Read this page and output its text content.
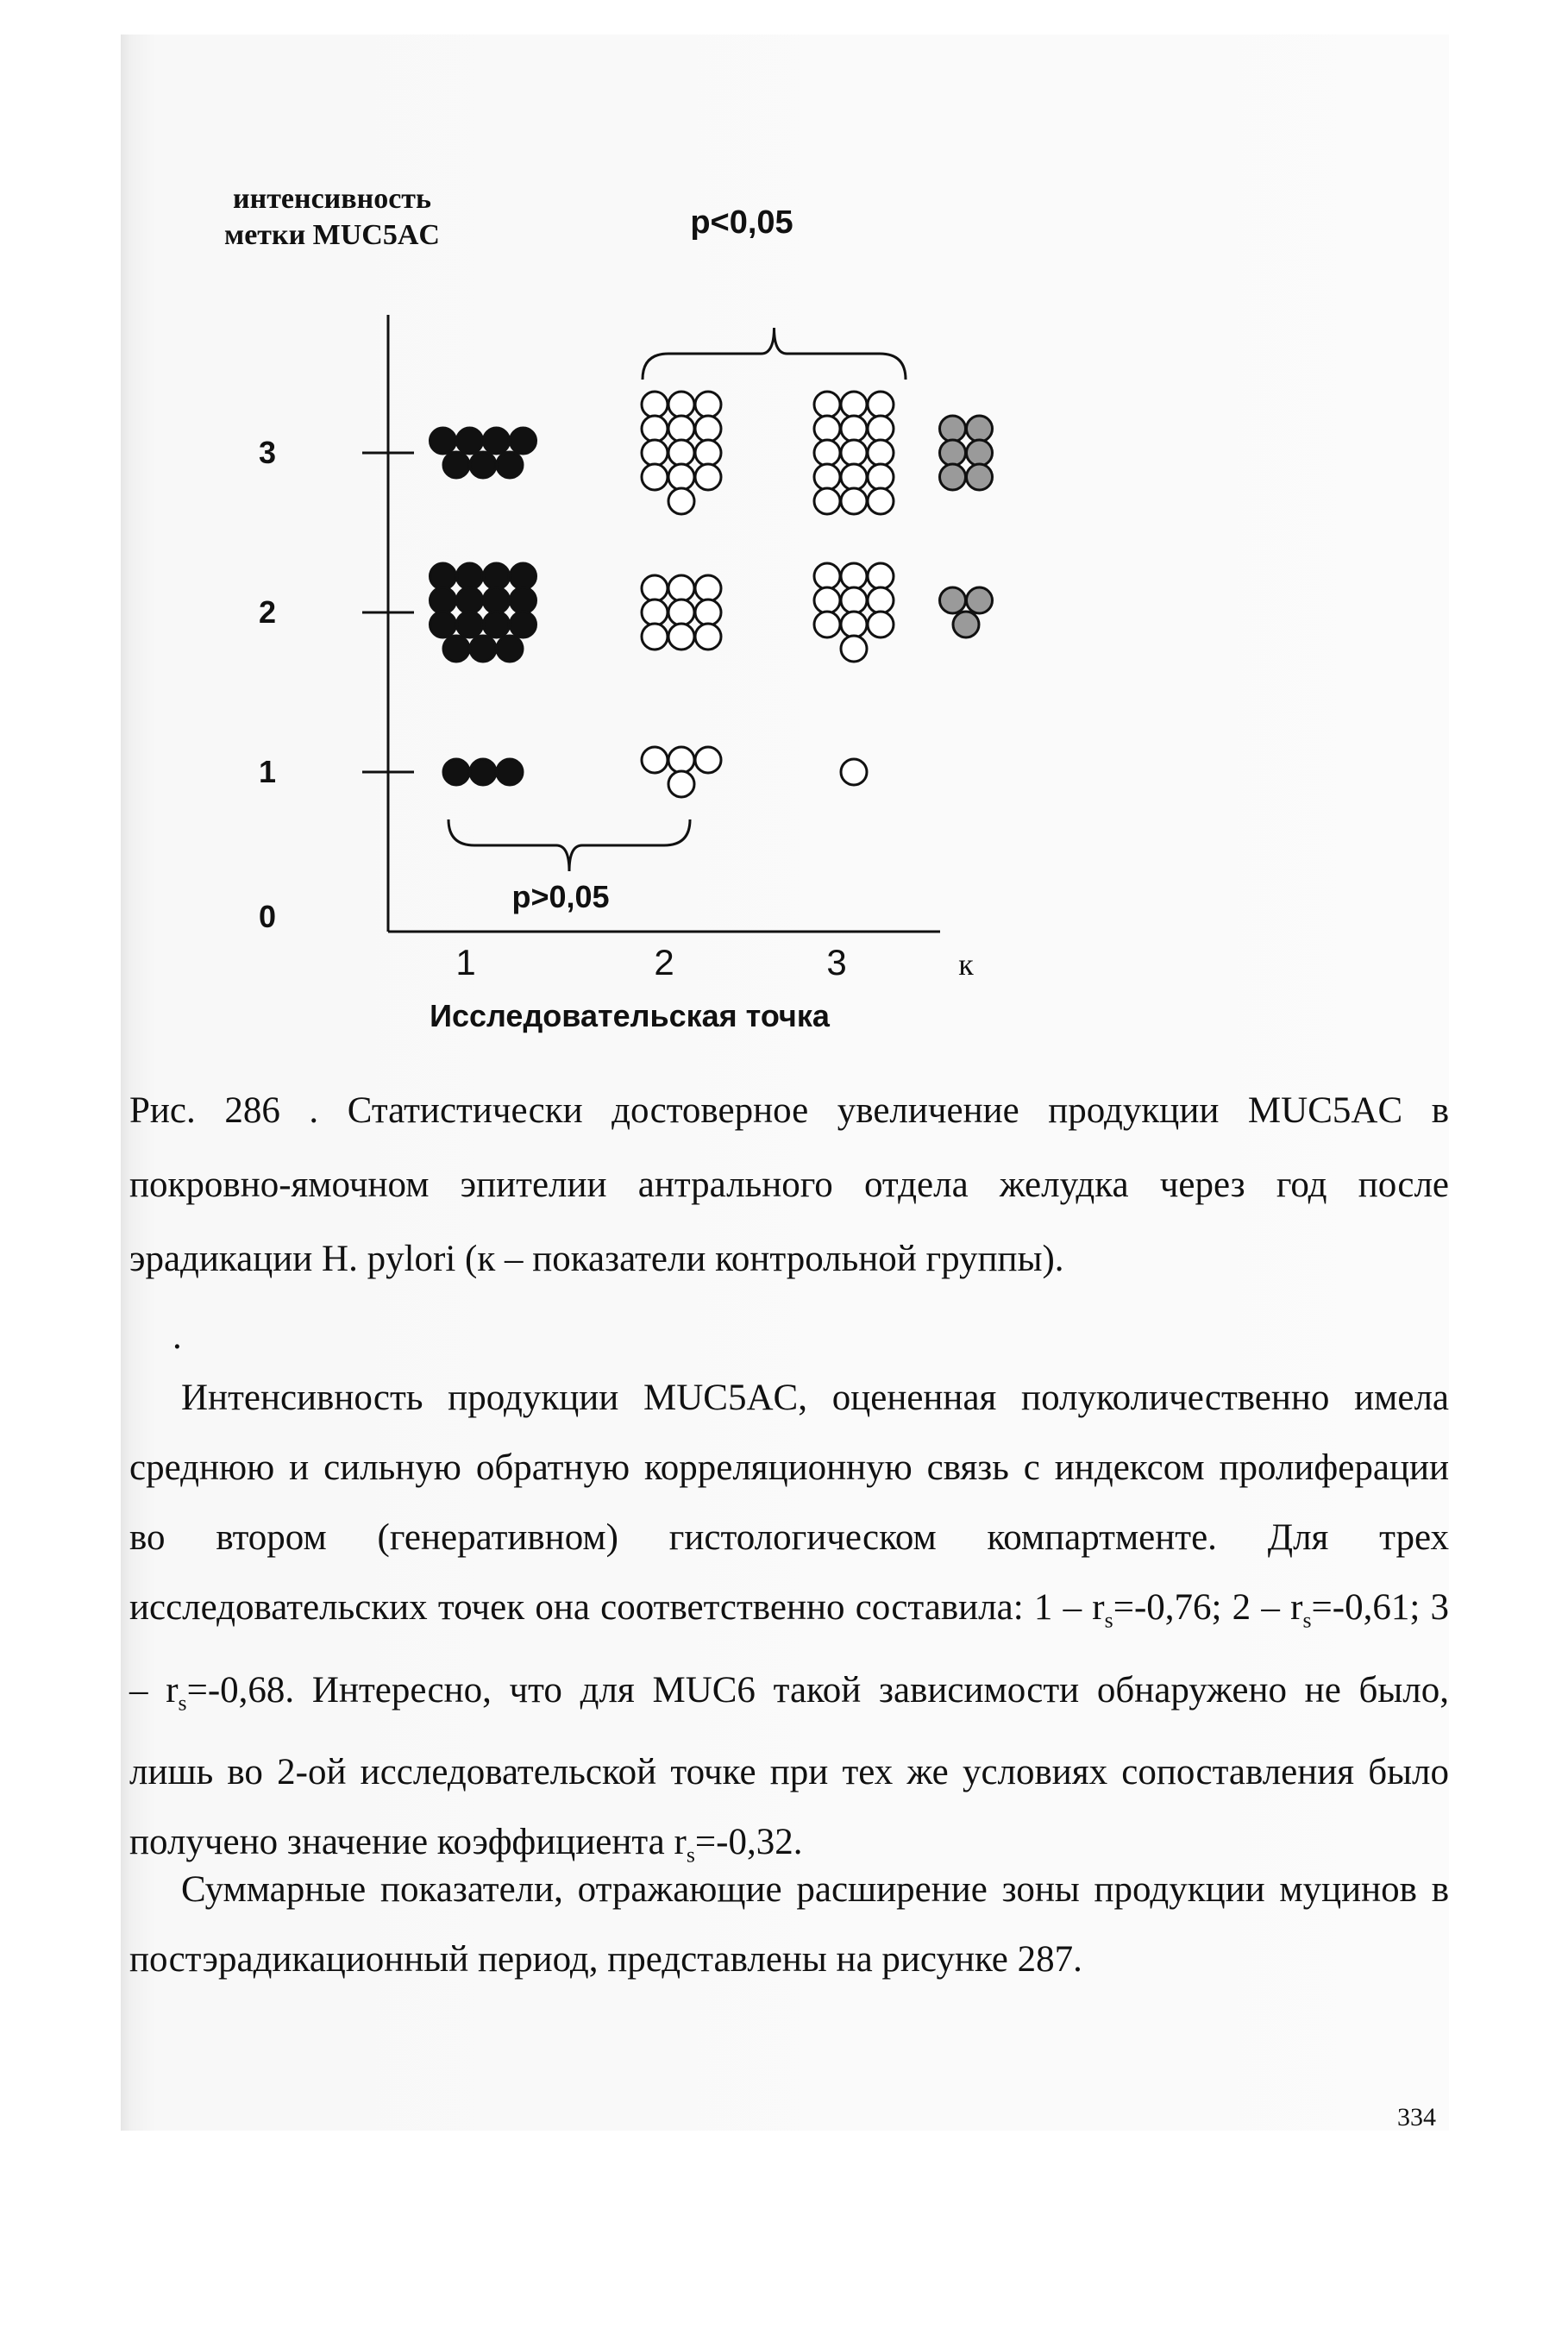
интенсивность
метки MUC5AC
0
1
2
3
1	2	3	к
Исследовательская точка
p<0,05
p>0,05
Рис. 286 . Статистически достоверное увеличение продукции MUC5AC в покровно-ямочном эпителии антрального отдела желудка через год после эрадикации H. pylori (к – показатели контрольной группы).
.
Интенсивность продукции MUC5AC, оцененная полуколичественно имела среднюю и сильную обратную корреляционную связь с индексом пролиферации во втором (генеративном) гистологическом компартменте. Для трех исследовательских точек она соответственно составила: $1 - r_s=-0,76$; $2 - r_s=-0,61$; $3 - r_s=-0,68$. Интересно, что для MUC6 такой зависимости обнаружено не было, лишь во 2-ой исследовательской точке при тех же условиях сопоставления было получено значение коэффициента $r_s=-0,32$.
Суммарные показатели, отражающие расширение зоны продукции муцинов в постэрадикационный период, представлены на рисунке 287.
334
